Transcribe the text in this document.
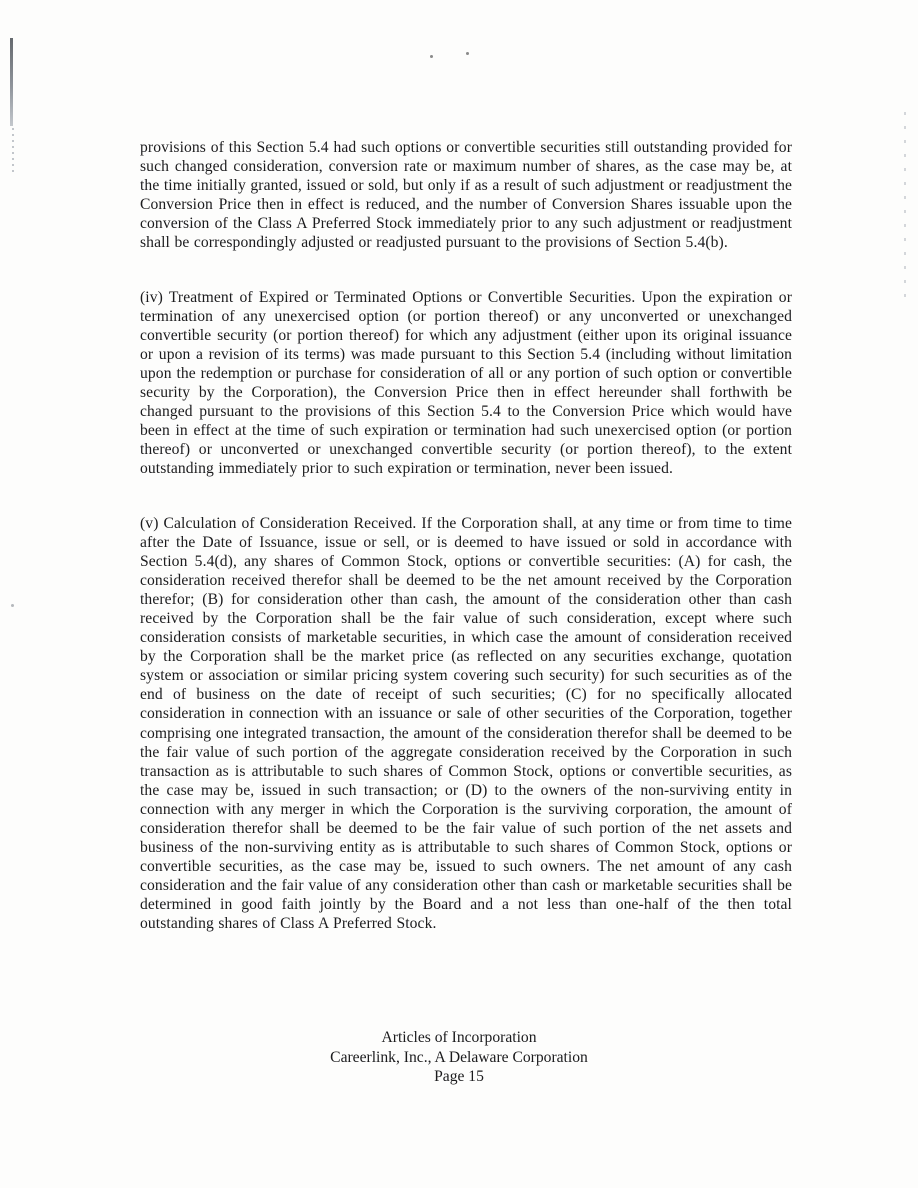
provisions of this Section 5.4 had such options or convertible securities still outstanding provided for such changed consideration, conversion rate or maximum number of shares, as the case may be, at the time initially granted, issued or sold, but only if as a result of such adjustment or readjustment the Conversion Price then in effect is reduced, and the number of Conversion Shares issuable upon the conversion of the Class A Preferred Stock immediately prior to any such adjustment or readjustment shall be correspondingly adjusted or readjusted pursuant to the provisions of Section 5.4(b).

(iv) Treatment of Expired or Terminated Options or Convertible Securities. Upon the expiration or termination of any unexercised option (or portion thereof) or any unconverted or unexchanged convertible security (or portion thereof) for which any adjustment (either upon its original issuance or upon a revision of its terms) was made pursuant to this Section 5.4 (including without limitation upon the redemption or purchase for consideration of all or any portion of such option or convertible security by the Corporation), the Conversion Price then in effect hereunder shall forthwith be changed pursuant to the provisions of this Section 5.4 to the Conversion Price which would have been in effect at the time of such expiration or termination had such unexercised option (or portion thereof) or unconverted or unexchanged convertible security (or portion thereof), to the extent outstanding immediately prior to such expiration or termination, never been issued.

(v) Calculation of Consideration Received. If the Corporation shall, at any time or from time to time after the Date of Issuance, issue or sell, or is deemed to have issued or sold in accordance with Section 5.4(d), any shares of Common Stock, options or convertible securities: (A) for cash, the consideration received therefor shall be deemed to be the net amount received by the Corporation therefor; (B) for consideration other than cash, the amount of the consideration other than cash received by the Corporation shall be the fair value of such consideration, except where such consideration consists of marketable securities, in which case the amount of consideration received by the Corporation shall be the market price (as reflected on any securities exchange, quotation system or association or similar pricing system covering such security) for such securities as of the end of business on the date of receipt of such securities; (C) for no specifically allocated consideration in connection with an issuance or sale of other securities of the Corporation, together comprising one integrated transaction, the amount of the consideration therefor shall be deemed to be the fair value of such portion of the aggregate consideration received by the Corporation in such transaction as is attributable to such shares of Common Stock, options or convertible securities, as the case may be, issued in such transaction; or (D) to the owners of the non-surviving entity in connection with any merger in which the Corporation is the surviving corporation, the amount of consideration therefor shall be deemed to be the fair value of such portion of the net assets and business of the non-surviving entity as is attributable to such shares of Common Stock, options or convertible securities, as the case may be, issued to such owners. The net amount of any cash consideration and the fair value of any consideration other than cash or marketable securities shall be determined in good faith jointly by the Board and a not less than one-half of the then total outstanding shares of Class A Preferred Stock.

Articles of Incorporation
Careerlink, Inc., A Delaware Corporation
Page 15
